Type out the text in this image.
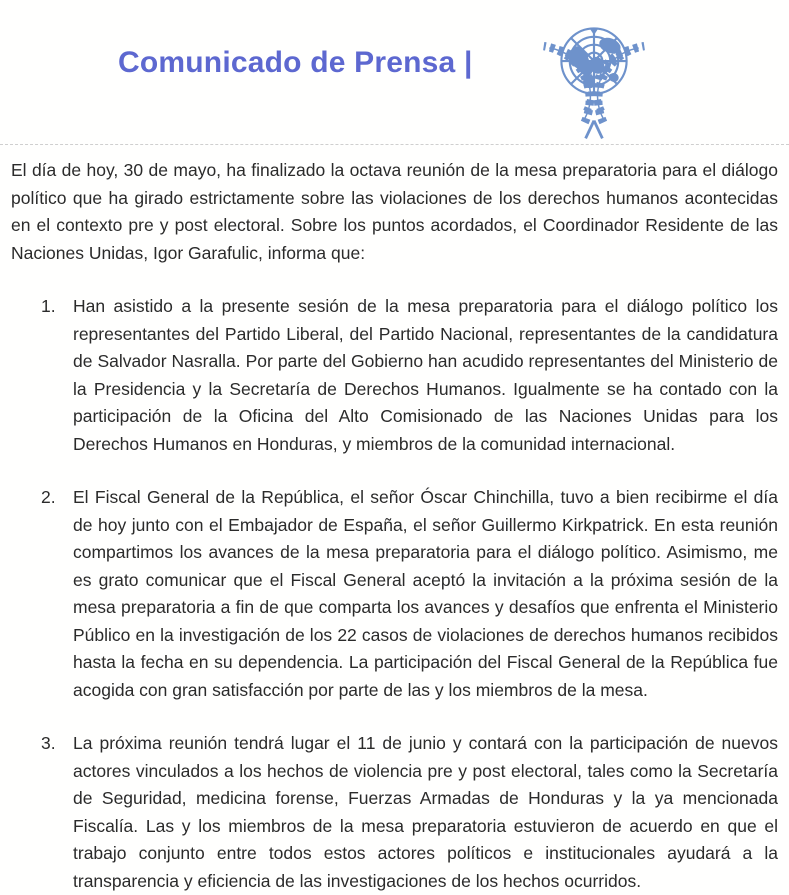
Comunicado de Prensa |

El día de hoy, 30 de mayo, ha finalizado la octava reunión de la mesa preparatoria para el diálogo político que ha girado estrictamente sobre las violaciones de los derechos humanos acontecidas en el contexto pre y post electoral. Sobre los puntos acordados, el Coordinador Residente de las Naciones Unidas, Igor Garafulic, informa que:

1. Han asistido a la presente sesión de la mesa preparatoria para el diálogo político los representantes del Partido Liberal, del Partido Nacional, representantes de la candidatura de Salvador Nasralla. Por parte del Gobierno han acudido representantes del Ministerio de la Presidencia y la Secretaría de Derechos Humanos. Igualmente se ha contado con la participación de la Oficina del Alto Comisionado de las Naciones Unidas para los Derechos Humanos en Honduras, y miembros de la comunidad internacional.
2. El Fiscal General de la República, el señor Óscar Chinchilla, tuvo a bien recibirme el día de hoy junto con el Embajador de España, el señor Guillermo Kirkpatrick. En esta reunión compartimos los avances de la mesa preparatoria para el diálogo político. Asimismo, me es grato comunicar que el Fiscal General aceptó la invitación a la próxima sesión de la mesa preparatoria a fin de que comparta los avances y desafíos que enfrenta el Ministerio Público en la investigación de los 22 casos de violaciones de derechos humanos recibidos hasta la fecha en su dependencia. La participación del Fiscal General de la República fue acogida con gran satisfacción por parte de las y los miembros de la mesa.
3. La próxima reunión tendrá lugar el 11 de junio y contará con la participación de nuevos actores vinculados a los hechos de violencia pre y post electoral, tales como la Secretaría de Seguridad, medicina forense, Fuerzas Armadas de Honduras y la ya mencionada Fiscalía. Las y los miembros de la mesa preparatoria estuvieron de acuerdo en que el trabajo conjunto entre todos estos actores políticos e institucionales ayudará a la transparencia y eficiencia de las investigaciones de los hechos ocurridos.
